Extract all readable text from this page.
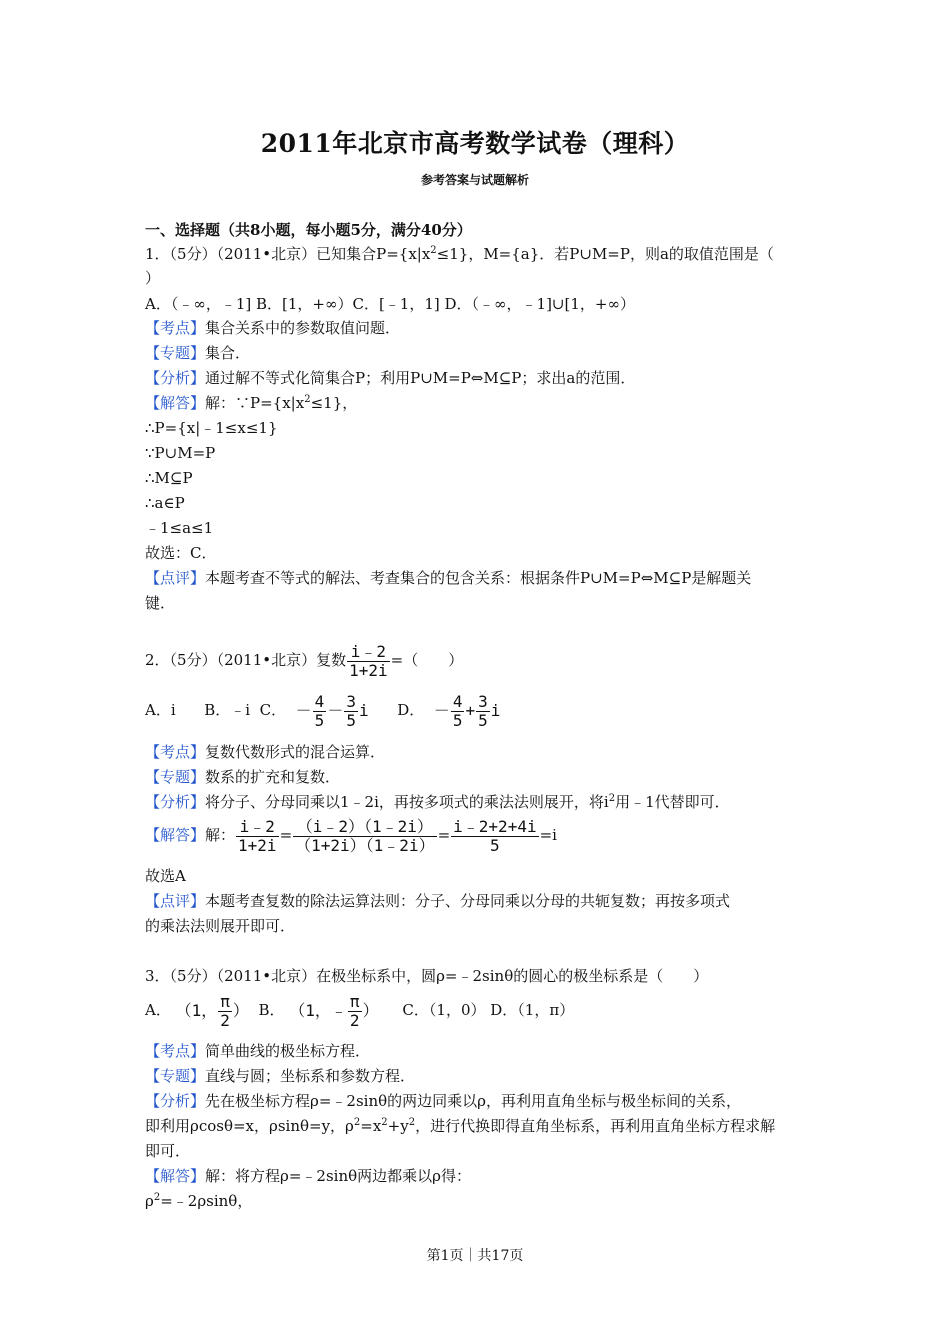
2011年北京市高考数学试卷（理科）
参考答案与试题解析
一、选择题（共8小题，每小题5分，满分40分）
1．（5分）（2011•北京）已知集合$P=\{x|x^2\le 1\}$，M={a}．若P∪M=P，则a的取值范围是（
）
A．（﹣∞，﹣1] B．[1，+∞）C．[﹣1，1] D．（﹣∞，﹣1]∪[1，+∞）
【考点】集合关系中的参数取值问题．
【专题】集合．
【分析】通过解不等式化简集合P；利用P∪M=P⇔M⊆P；求出a的范围．
【解答】解：$\because P=\{x|x^2\le 1\}$，
∴P={x|﹣1≤x≤1}
∵P∪M=P
∴M⊆P
∴a∈P
﹣1≤a≤1
故选：C．
【点评】本题考查不等式的解法、考查集合的包含关系：根据条件P∪M=P⇔M⊆P是解题关
键．
2．（5分）（2011•北京）复数 $\frac{i﹣2}{1+2i}$ =（　　）
A．i B．﹣i C． － $\frac{4}{5} - \frac{3}{5}$ i D． － $\frac{4}{5} + \frac{3}{5}$ i
【考点】复数代数形式的混合运算．
【专题】数系的扩充和复数．
【分析】将分子、分母同乘以1﹣2i，再按多项式的乘法法则展开，将$i^2$用﹣1代替即可．
【解答】解： $\frac{i﹣2}{1+2i} = \frac{(i﹣2)(1﹣2i)}{(1+2i)(1﹣2i)} = \frac{i﹣2+2+4i}{5} =i$
故选A
【点评】本题考查复数的除法运算法则：分子、分母同乘以分母的共轭复数；再按多项式
的乘法法则展开即可．
3．（5分）（2011•北京）在极坐标系中，圆ρ=﹣2sinθ的圆心的极坐标系是（　　）
A． （1， $\frac{\pi}{2}$ ） B． （1，﹣ $\frac{\pi}{2}$ ） C．（1，0） D．（1，π）
【考点】简单曲线的极坐标方程．
【专题】直线与圆；坐标系和参数方程．
【分析】先在极坐标方程ρ=﹣2sinθ的两边同乘以ρ，再利用直角坐标与极坐标间的关系，
即利用ρcosθ=x，ρsinθ=y，$\rho^2=x^2+y^2$，进行代换即得直角坐标系，再利用直角坐标方程求解
即可．
【解答】解：将方程ρ=﹣2sinθ两边都乘以ρ得：
$\rho^2=﹣2\rho\sin\theta$，
第1页｜共17页
